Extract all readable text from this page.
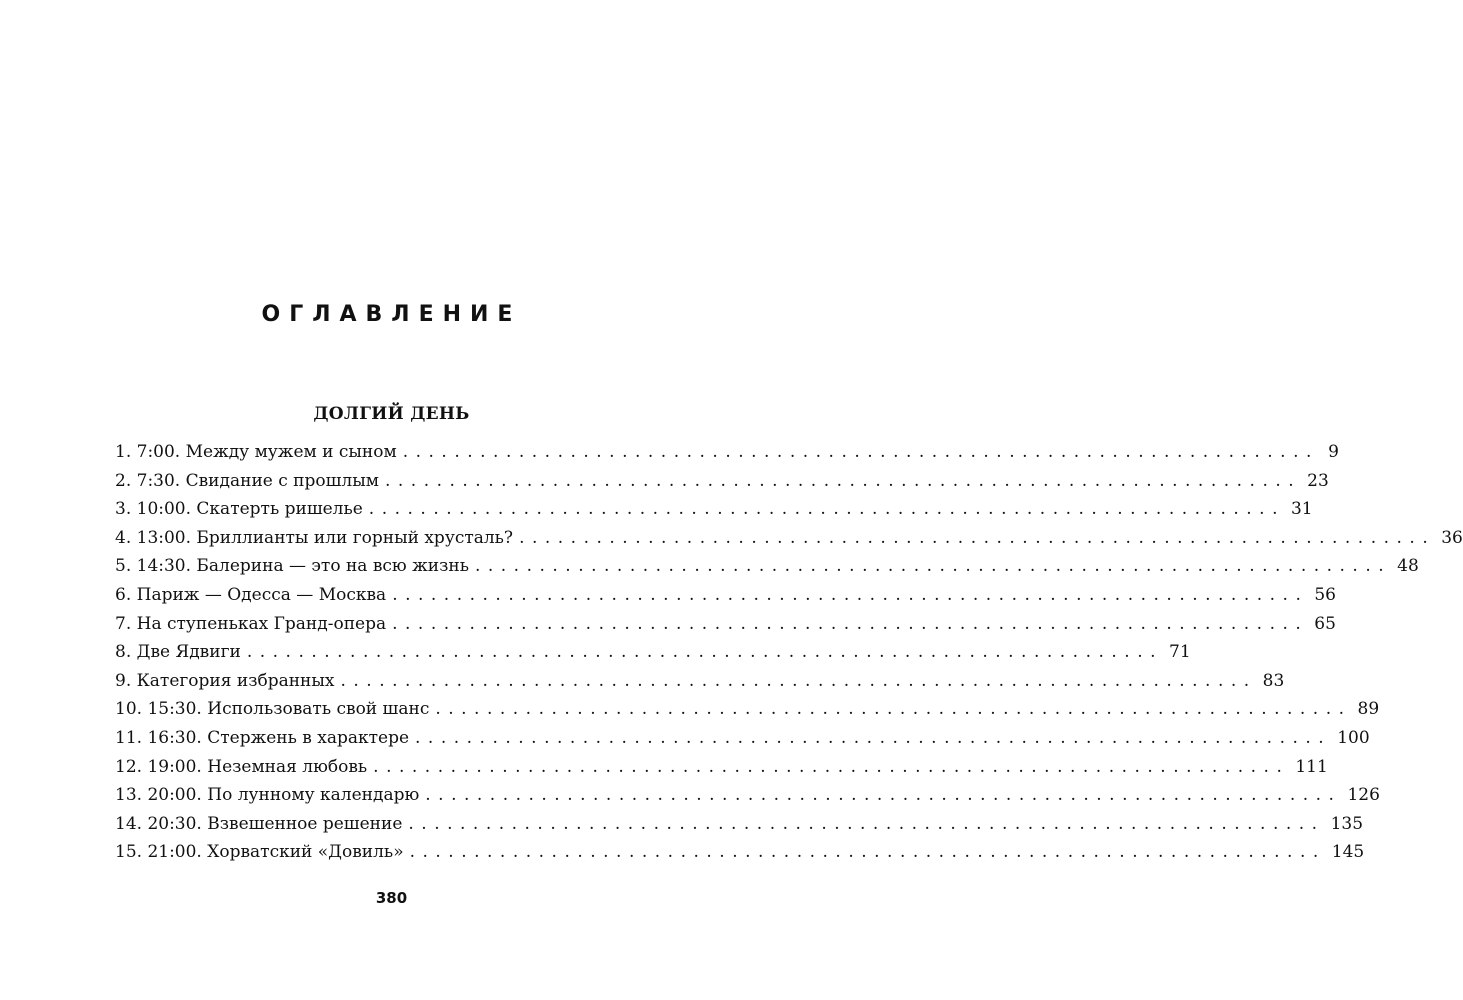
ОГЛАВЛЕНИЕ
ДОЛГИЙ ДЕНЬ
1. 7:00. Между мужем и сыном ....................................................................... 9
2. 7:30. Свидание с прошлым ....................................................................... 23
3. 10:00. Скатерть ришелье ....................................................................... 31
4. 13:00. Бриллианты или горный хрусталь? ....................................................................... 36
5. 14:30. Балерина — это на всю жизнь ....................................................................... 48
6. Париж — Одесса — Москва ....................................................................... 56
7. На ступеньках Гранд-опера ....................................................................... 65
8. Две Ядвиги ....................................................................... 71
9. Категория избранных ....................................................................... 83
10. 15:30. Использовать свой шанс ....................................................................... 89
11. 16:30. Стержень в характере ....................................................................... 100
12. 19:00. Неземная любовь ....................................................................... 111
13. 20:00. По лунному календарю ....................................................................... 126
14. 20:30. Взвешенное решение ....................................................................... 135
15. 21:00. Хорватский «Довиль» ....................................................................... 145

380
